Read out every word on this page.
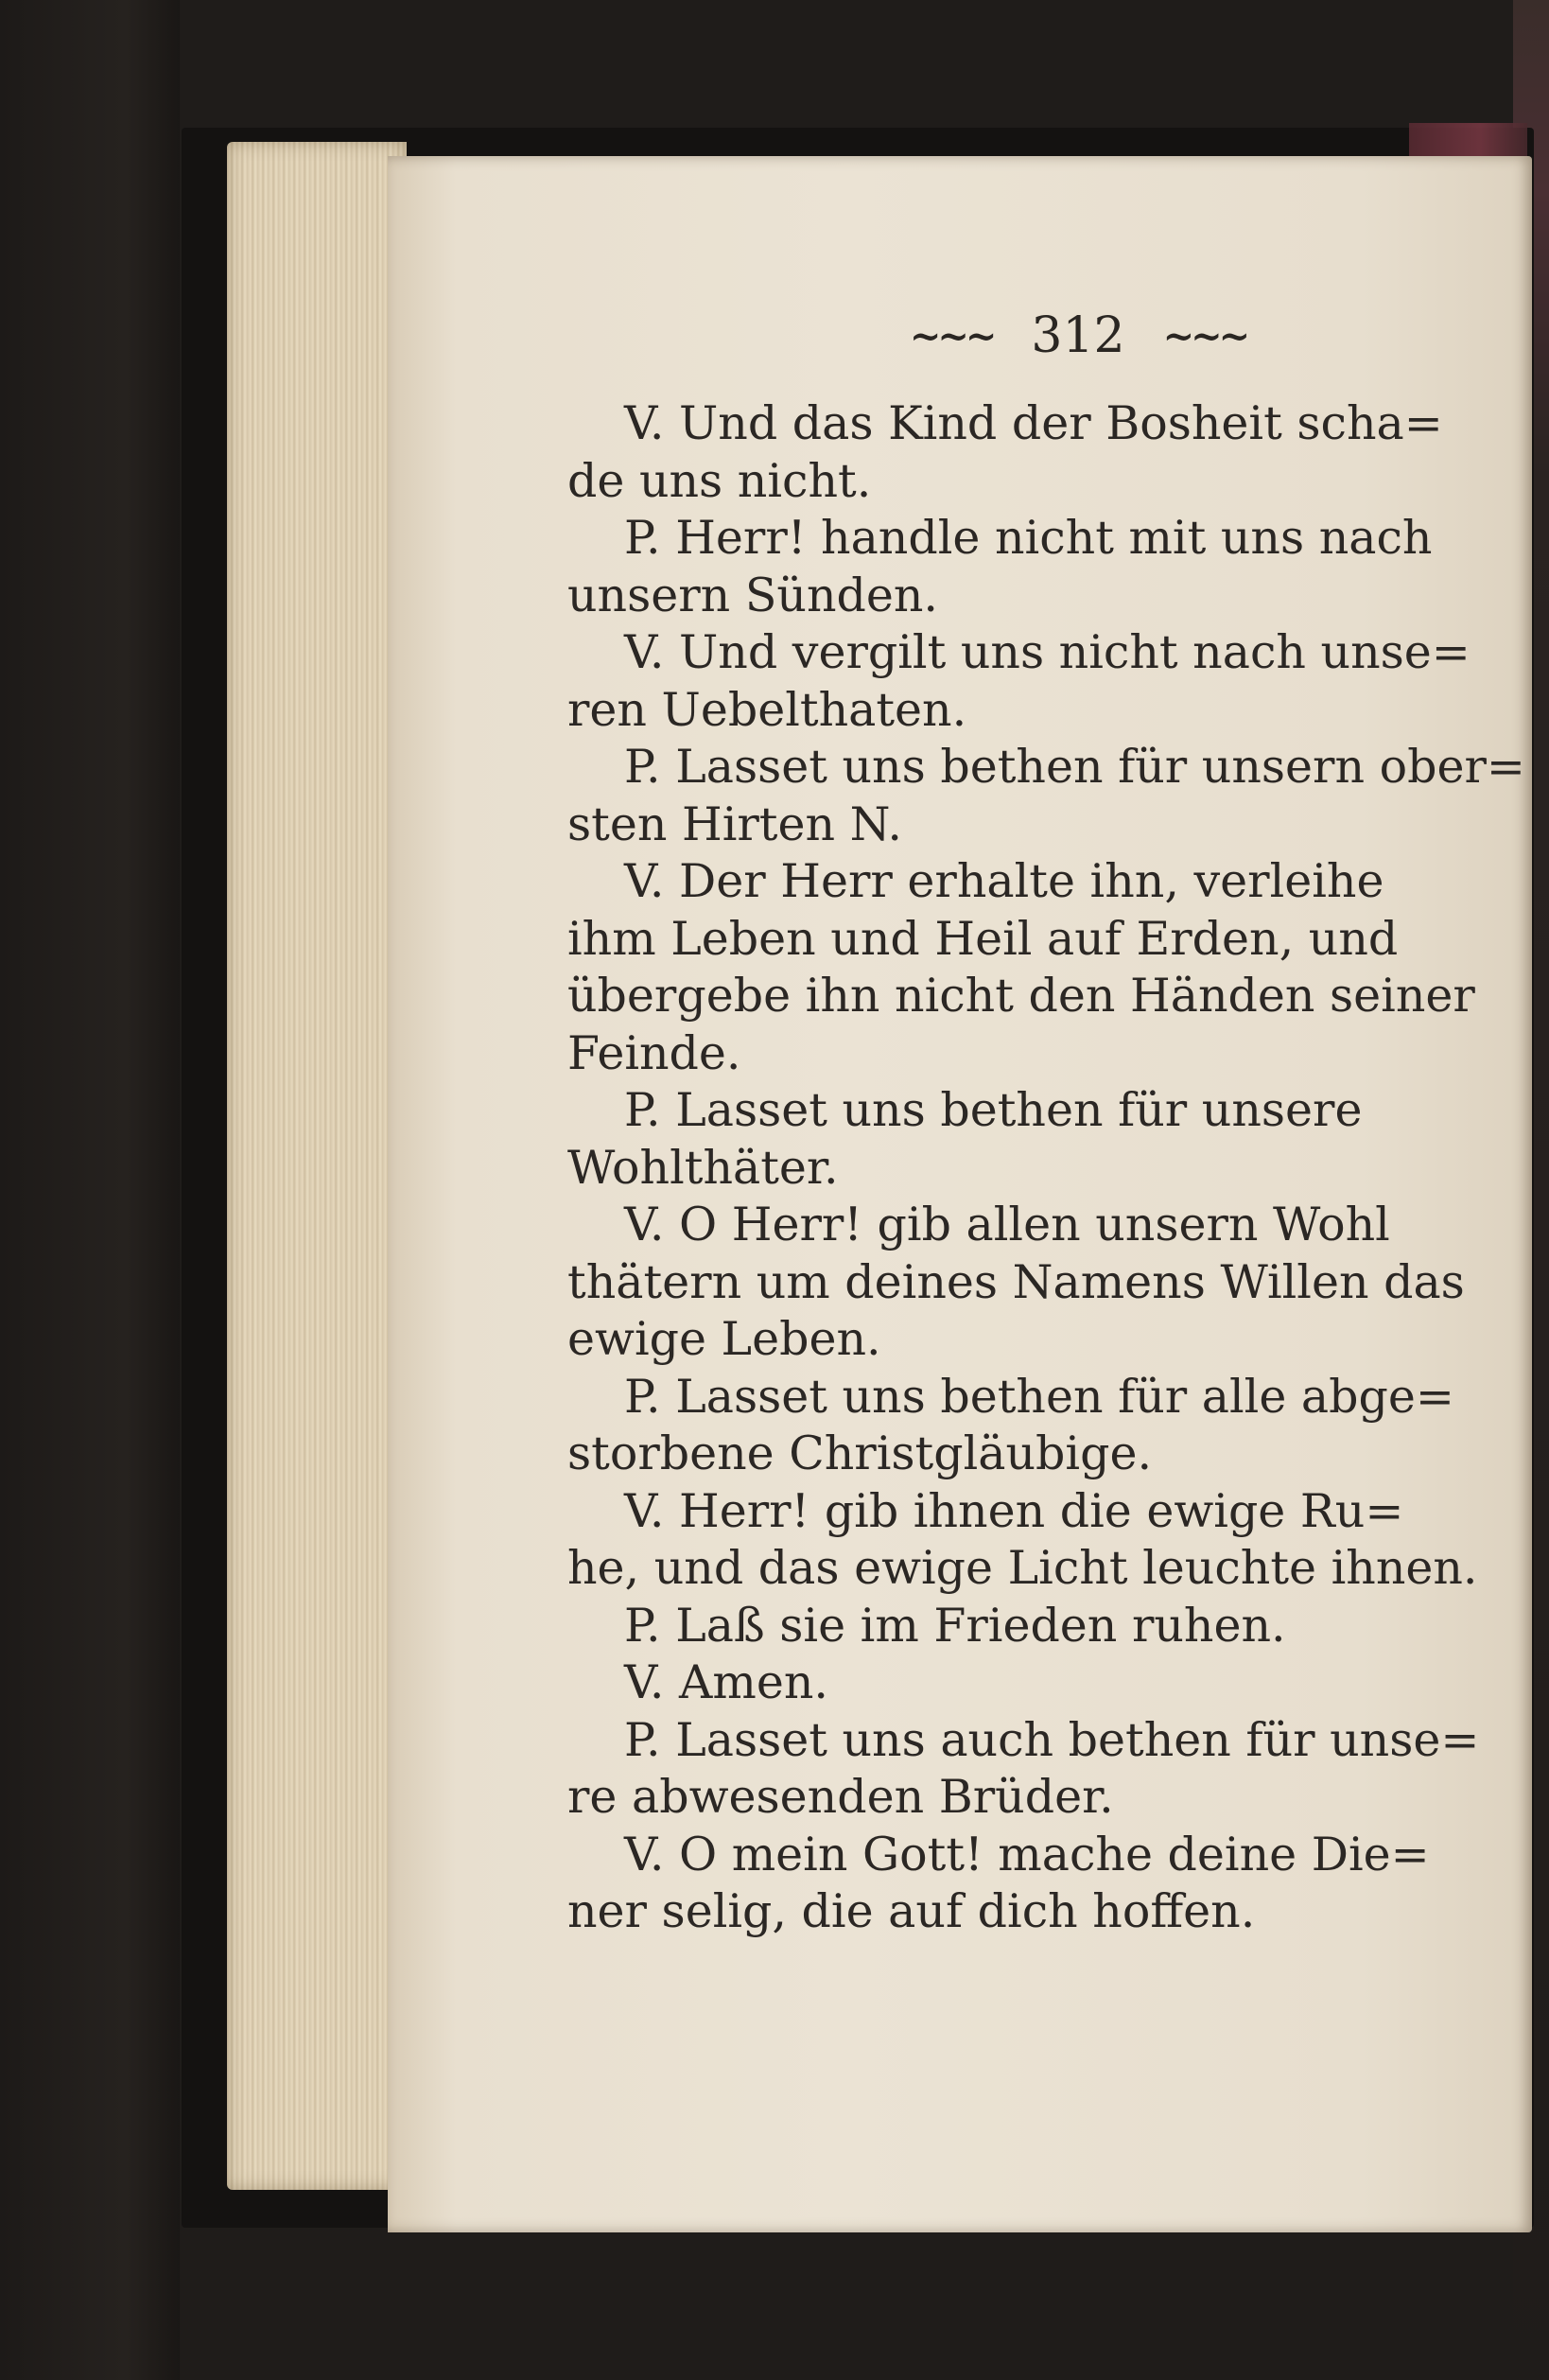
~~~ 312 ~~~

V. Und das Kind der Bosheit scha=
de uns nicht.

P. Herr! handle nicht mit uns nach
unsern Sünden.

V. Und vergilt uns nicht nach unse=
ren Uebelthaten.

P. Lasset uns bethen für unsern ober=
sten Hirten N.

V. Der Herr erhalte ihn, verleihe
ihm Leben und Heil auf Erden, und
übergebe ihn nicht den Händen seiner
Feinde.

P. Lasset uns bethen für unsere
Wohlthäter.

V. O Herr! gib allen unsern Wohl
thätern um deines Namens Willen das
ewige Leben.

P. Lasset uns bethen für alle abge=
storbene Christgläubige.

V. Herr! gib ihnen die ewige Ru=
he, und das ewige Licht leuchte ihnen.

P. Laß sie im Frieden ruhen.

V. Amen.

P. Lasset uns auch bethen für unse=
re abwesenden Brüder.

V. O mein Gott! mache deine Die=
ner selig, die auf dich hoffen.
